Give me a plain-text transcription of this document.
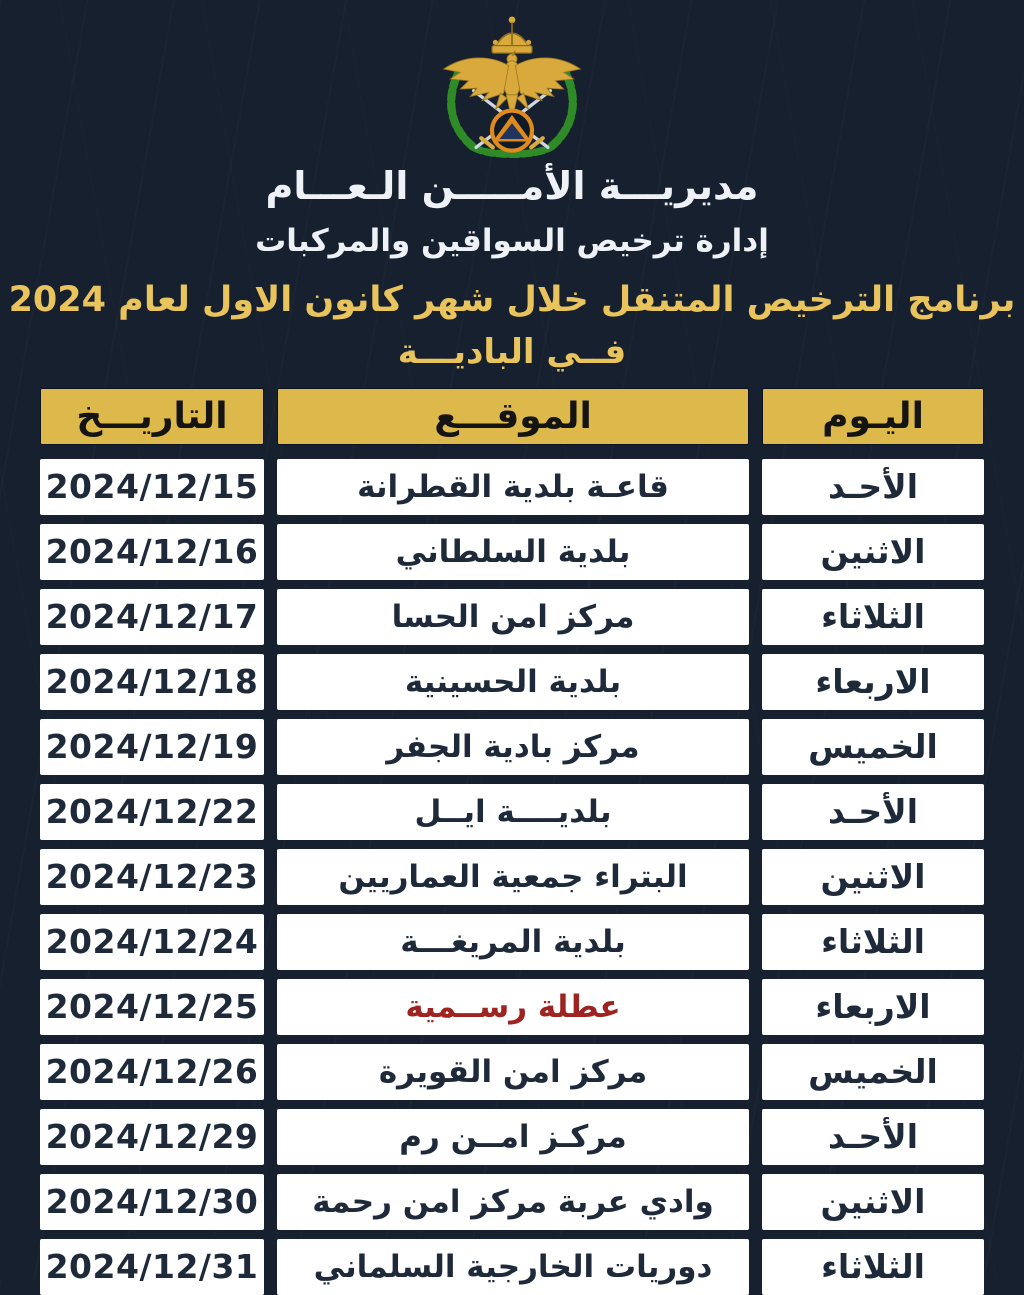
مديريـــة الأمـــــن الـعـــام
إدارة ترخيص السواقين والمركبات
برنامج الترخيص المتنقل خلال شهر كانون الاول لعام 2024
فــي الباديـــة
اليـوم
الموقـــع
التاريـــخ
الأحـد
قاعـة بلدية القطرانة
2024/12/15
الاثنين
بلدية السلطاني
2024/12/16
الثلاثاء
مركز امن الحسا
2024/12/17
الاربعاء
بلدية الحسينية
2024/12/18
الخميس
مركز بادية الجفر
2024/12/19
الأحـد
بلديــــة ايــل
2024/12/22
الاثنين
البتراء جمعية العماريين
2024/12/23
الثلاثاء
بلدية المريغـــة
2024/12/24
الاربعاء
عطلة رســمية
2024/12/25
الخميس
مركز امن القويرة
2024/12/26
الأحـد
مركـز امــن رم
2024/12/29
الاثنين
وادي عربة مركز امن رحمة
2024/12/30
الثلاثاء
دوريات الخارجية السلماني
2024/12/31
